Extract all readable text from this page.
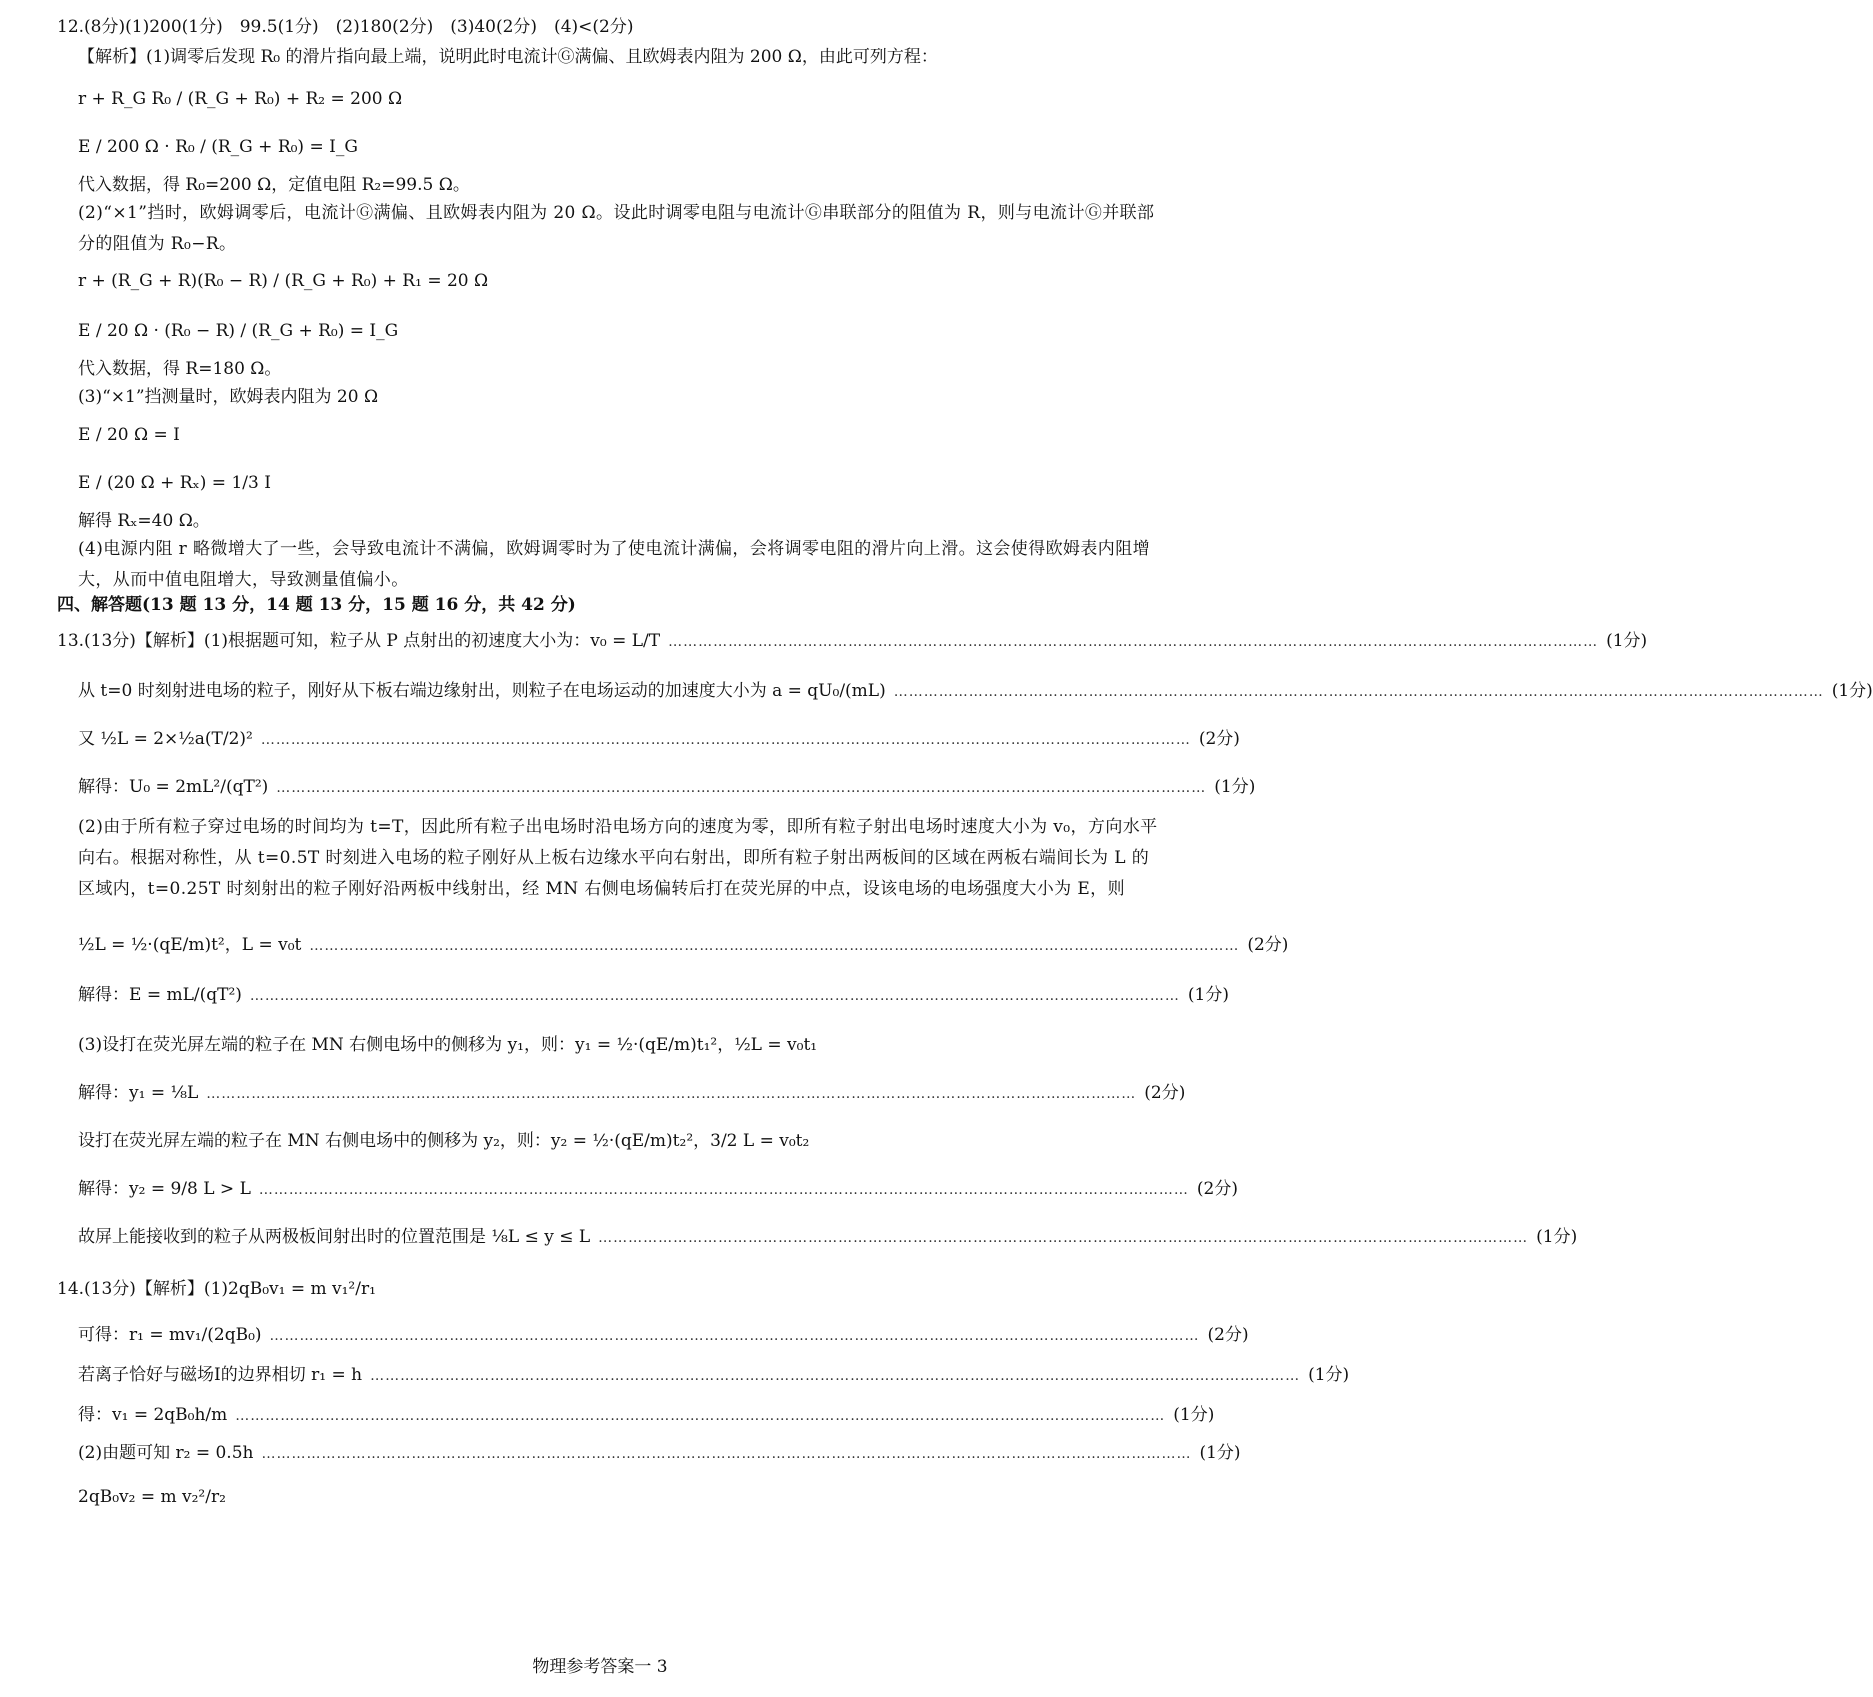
12.(8分)(1)200(1分)　99.5(1分)　(2)180(2分)　(3)40(2分)　(4)<(2分)
【解析】(1)调零后发现 R₀ 的滑片指向最上端，说明此时电流计Ⓖ满偏、且欧姆表内阻为 200 Ω，由此可列方程：
r + R_G R₀ / (R_G + R₀) + R₂ = 200 Ω
E / 200 Ω · R₀ / (R_G + R₀) = I_G
代入数据，得 R₀=200 Ω，定值电阻 R₂=99.5 Ω。
(2)“×1”挡时，欧姆调零后，电流计Ⓖ满偏、且欧姆表内阻为 20 Ω。设此时调零电阻与电流计Ⓖ串联部分的阻值为 R，则与电流计Ⓖ并联部分的阻值为 R₀−R。
r + (R_G + R)(R₀ − R) / (R_G + R₀) + R₁ = 20 Ω
E / 20 Ω · (R₀ − R) / (R_G + R₀) = I_G
代入数据，得 R=180 Ω。
(3)“×1”挡测量时，欧姆表内阻为 20 Ω
E / 20 Ω = I
E / (20 Ω + Rₓ) = 1/3 I
解得 Rₓ=40 Ω。
(4)电源内阻 r 略微增大了一些，会导致电流计不满偏，欧姆调零时为了使电流计满偏，会将调零电阻的滑片向上滑。这会使得欧姆表内阻增大，从而中值电阻增大，导致测量值偏小。
四、解答题(13 题 13 分，14 题 13 分，15 题 16 分，共 42 分)
13.(13分)【解析】(1)根据题可知，粒子从 P 点射出的初速度大小为：v₀ = L/T …………………………………………………………………………………………………………………………………………………………………… (1分)
从 t=0 时刻射进电场的粒子，刚好从下板右端边缘射出，则粒子在电场运动的加速度大小为 a = qU₀/(mL) …………………………………………………………………………………………………………………………………………………………………… (1分)
又 ½L = 2×½a(T/2)² …………………………………………………………………………………………………………………………………………………………………… (2分)
解得：U₀ = 2mL²/(qT²) …………………………………………………………………………………………………………………………………………………………………… (1分)
(2)由于所有粒子穿过电场的时间均为 t=T，因此所有粒子出电场时沿电场方向的速度为零，即所有粒子射出电场时速度大小为 v₀，方向水平向右。根据对称性，从 t=0.5T 时刻进入电场的粒子刚好从上板右边缘水平向右射出，即所有粒子射出两板间的区域在两板右端间长为 L 的区域内，t=0.25T 时刻射出的粒子刚好沿两板中线射出，经 MN 右侧电场偏转后打在荧光屏的中点，设该电场的电场强度大小为 E，则
½L = ½·(qE/m)t²，L = v₀t …………………………………………………………………………………………………………………………………………………………………… (2分)
解得：E = mL/(qT²) …………………………………………………………………………………………………………………………………………………………………… (1分)
(3)设打在荧光屏左端的粒子在 MN 右侧电场中的侧移为 y₁，则：y₁ = ½·(qE/m)t₁²，½L = v₀t₁
解得：y₁ = ⅛L …………………………………………………………………………………………………………………………………………………………………… (2分)
设打在荧光屏左端的粒子在 MN 右侧电场中的侧移为 y₂，则：y₂ = ½·(qE/m)t₂²，3/2 L = v₀t₂
解得：y₂ = 9/8 L > L …………………………………………………………………………………………………………………………………………………………………… (2分)
故屏上能接收到的粒子从两极板间射出时的位置范围是 ⅛L ≤ y ≤ L …………………………………………………………………………………………………………………………………………………………………… (1分)
14.(13分)【解析】(1)2qB₀v₁ = m v₁²/r₁
可得：r₁ = mv₁/(2qB₀) …………………………………………………………………………………………………………………………………………………………………… (2分)
若离子恰好与磁场Ⅰ的边界相切 r₁ = h …………………………………………………………………………………………………………………………………………………………………… (1分)
得：v₁ = 2qB₀h/m …………………………………………………………………………………………………………………………………………………………………… (1分)
(2)由题可知 r₂ = 0.5h …………………………………………………………………………………………………………………………………………………………………… (1分)
2qB₀v₂ = m v₂²/r₂
物理参考答案一 3
